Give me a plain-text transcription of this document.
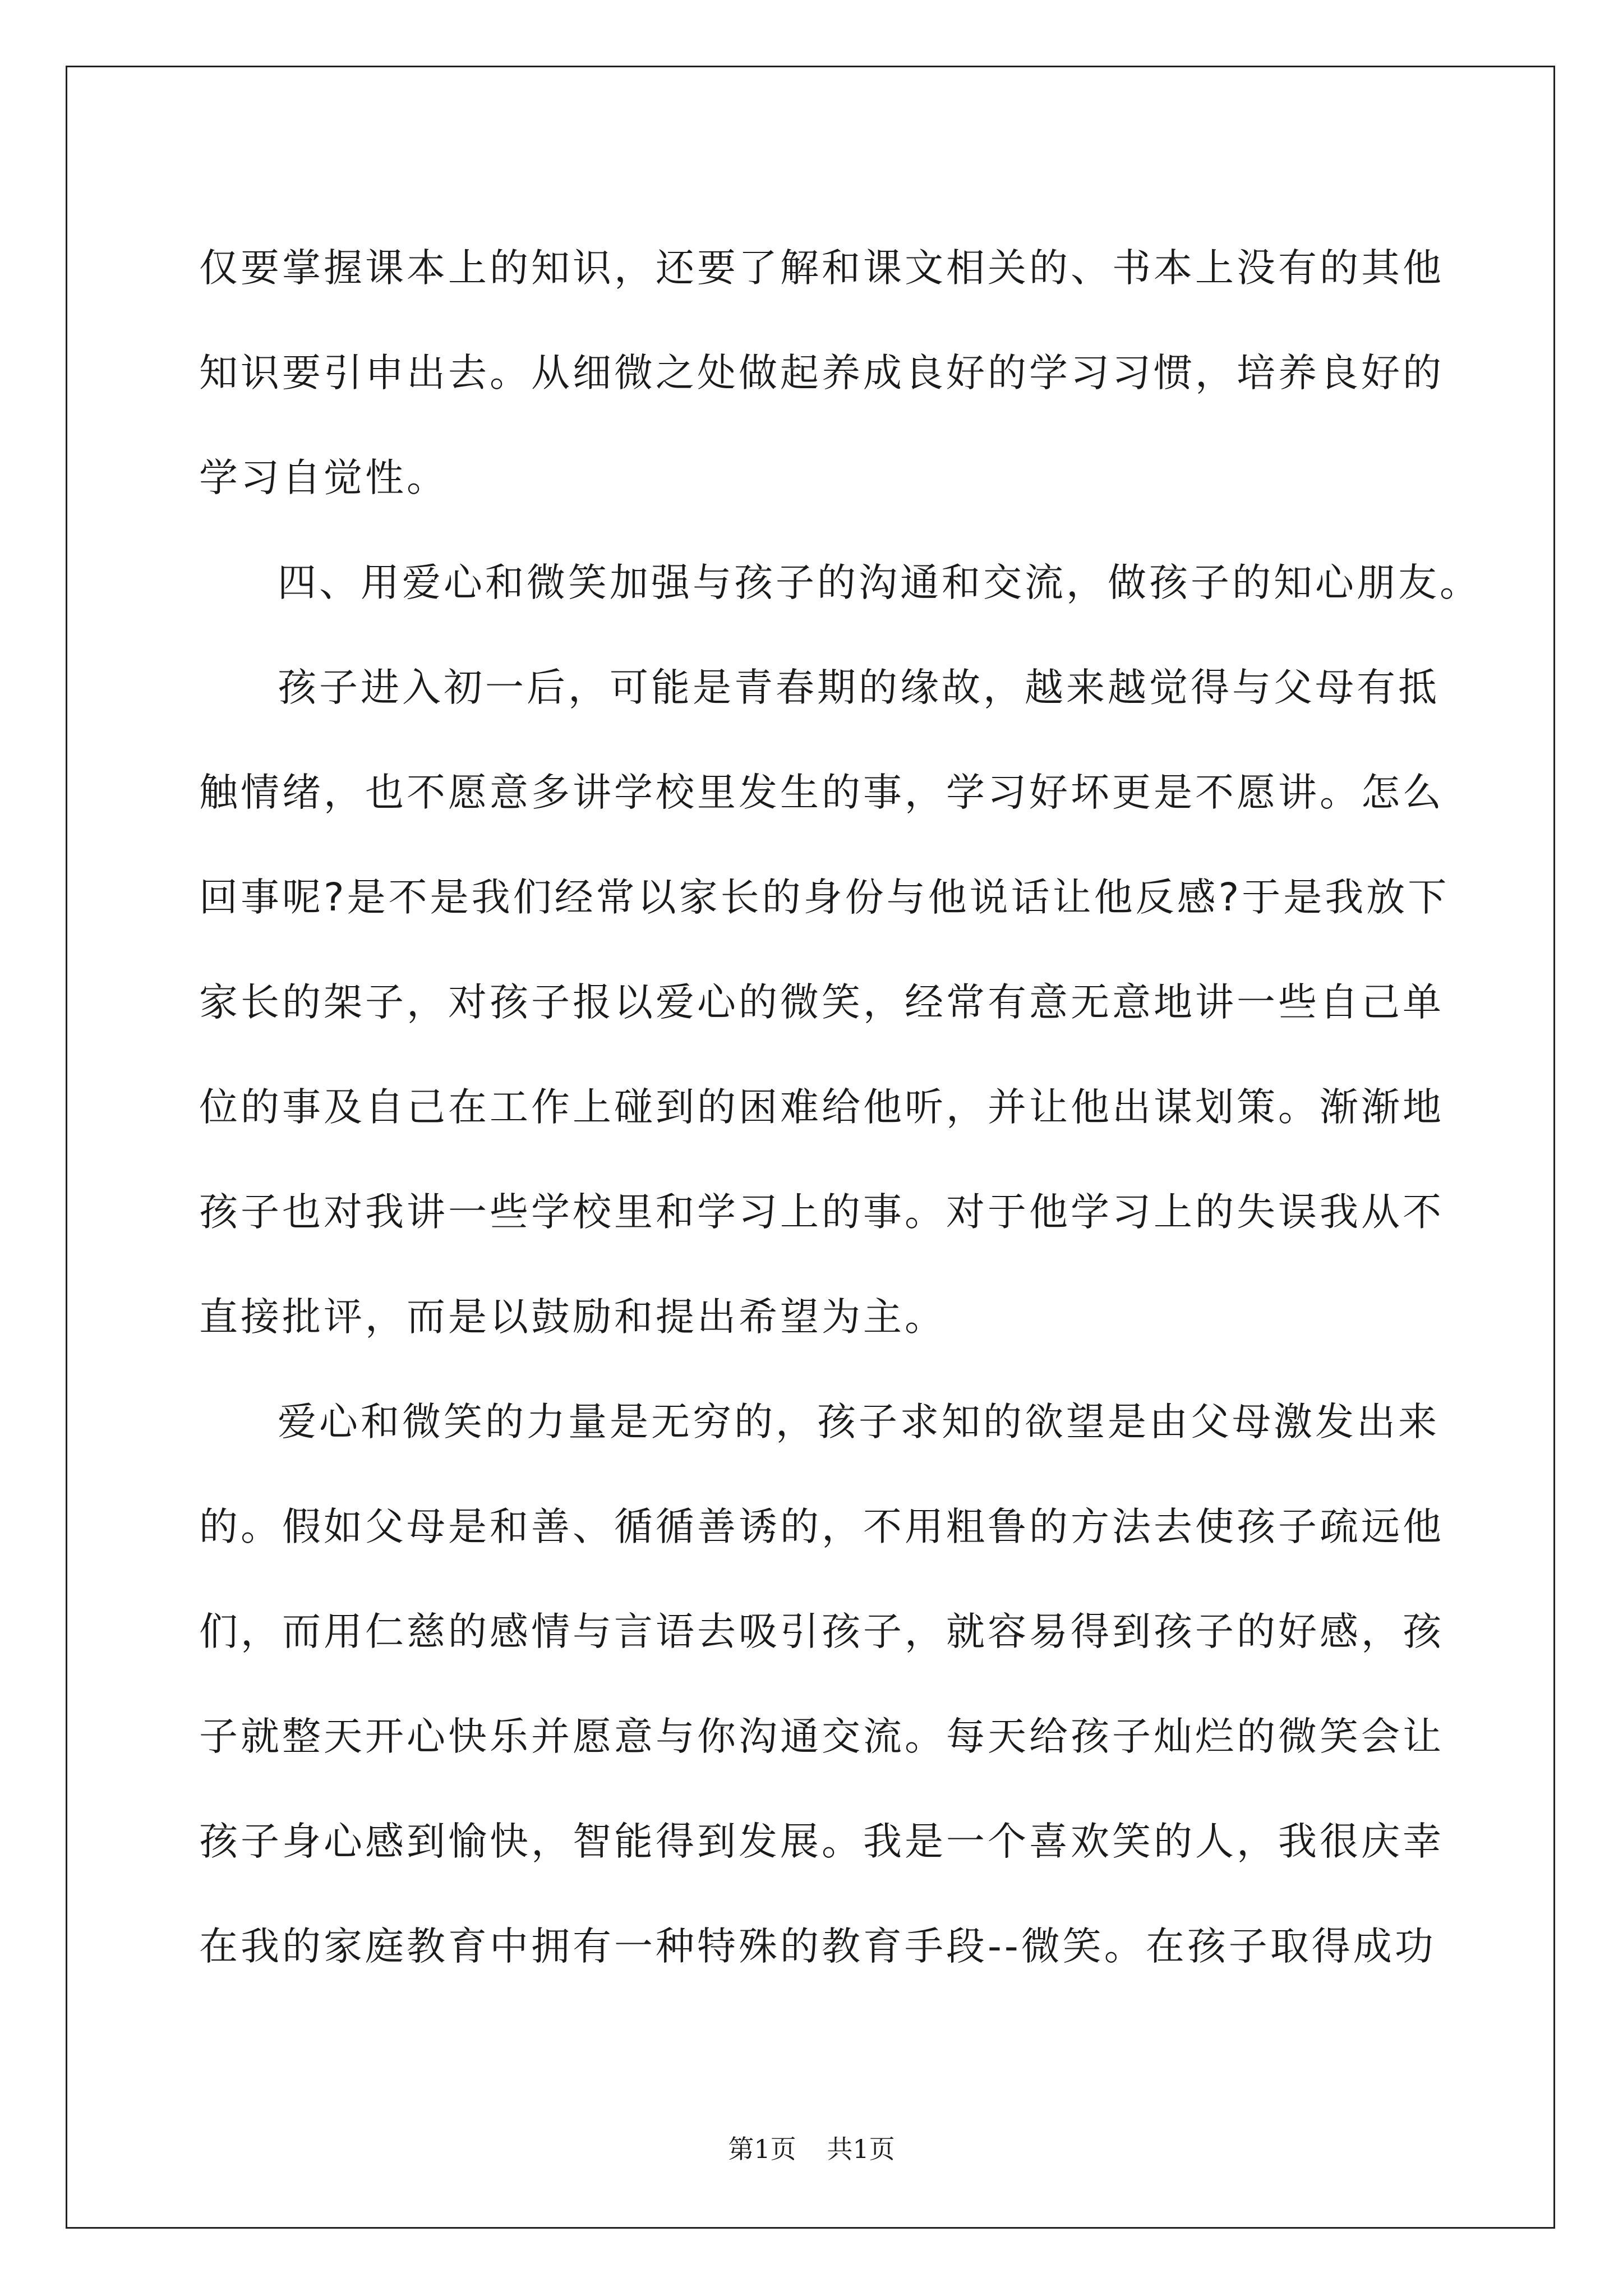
仅要掌握课本上的知识，还要了解和课文相关的、书本上没有的其他

知识要引申出去。从细微之处做起养成良好的学习习惯，培养良好的

学习自觉性。

四、用爱心和微笑加强与孩子的沟通和交流，做孩子的知心朋友。

孩子进入初一后，可能是青春期的缘故，越来越觉得与父母有抵

触情绪，也不愿意多讲学校里发生的事，学习好坏更是不愿讲。怎么

回事呢?是不是我们经常以家长的身份与他说话让他反感?于是我放下

家长的架子，对孩子报以爱心的微笑，经常有意无意地讲一些自己单

位的事及自己在工作上碰到的困难给他听，并让他出谋划策。渐渐地

孩子也对我讲一些学校里和学习上的事。对于他学习上的失误我从不

直接批评，而是以鼓励和提出希望为主。

爱心和微笑的力量是无穷的，孩子求知的欲望是由父母激发出来

的。假如父母是和善、循循善诱的，不用粗鲁的方法去使孩子疏远他

们，而用仁慈的感情与言语去吸引孩子，就容易得到孩子的好感，孩

子就整天开心快乐并愿意与你沟通交流。每天给孩子灿烂的微笑会让

孩子身心感到愉快，智能得到发展。我是一个喜欢笑的人，我很庆幸

在我的家庭教育中拥有一种特殊的教育手段--微笑。在孩子取得成功

第1页 共1页
